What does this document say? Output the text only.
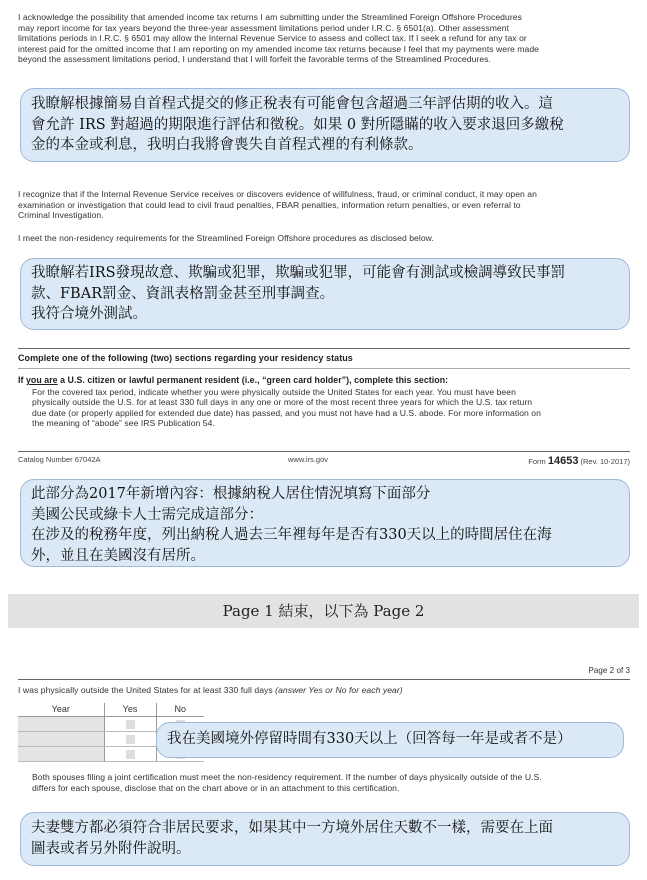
I acknowledge the possibility that amended income tax returns I am submitting under the Streamlined Foreign Offshore Procedures
may report income for tax years beyond the three-year assessment limitations period under I.R.C. § 6501(a). Other assessment
limitations periods in I.R.C. § 6501 may allow the Internal Revenue Service to assess and collect tax. If I seek a refund for any tax or
interest paid for the omitted income that I am reporting on my amended income tax returns because I feel that my payments were made
beyond the assessment limitations period, I understand that I will forfeit the favorable terms of the Streamlined Procedures.
我瞭解根據簡易自首程式提交的修正稅表有可能會包含超過三年評估期的收入。這
會允許 IRS 對超過的期限進行評估和徵稅。如果 0 對所隱瞞的收入要求退回多繳稅
金的本金或利息，我明白我將會喪失自首程式裡的有利條款。
I recognize that if the Internal Revenue Service receives or discovers evidence of willfulness, fraud, or criminal conduct, it may open an
examination or investigation that could lead to civil fraud penalties, FBAR penalties, information return penalties, or even referral to
Criminal Investigation.
I meet the non-residency requirements for the Streamlined Foreign Offshore procedures as disclosed below.
我瞭解若IRS發現故意、欺騙或犯罪，欺騙或犯罪，可能會有測試或檢調導致民事罰
款、FBAR罰金、資訊表格罰金甚至刑事調查。
我符合境外測試。
Complete one of the following (two) sections regarding your residency status
If you are a U.S. citizen or lawful permanent resident (i.e., “green card holder”), complete this section:
For the covered tax period, indicate whether you were physically outside the United States for each year. You must have been
physically outside the U.S. for at least 330 full days in any one or more of the most recent three years for which the U.S. tax return
due date (or properly applied for extended due date) has passed, and you must not have had a U.S. abode. For more information on
the meaning of “abode” see IRS Publication 54.
Catalog Number 67042A	www.irs.gov	Form 14653 (Rev. 10-2017)
此部分為2017年新增內容：根據納稅人居住情況填寫下面部分
美國公民或綠卡人士需完成這部分：
在涉及的稅務年度，列出納稅人過去三年裡每年是否有330天以上的時間居住在海
外，並且在美國沒有居所。
Page 1 結束，以下為 Page 2
Page 2 of 3
I was physically outside the United States for at least 330 full days (answer Yes or No for each year)
Year	Yes	No

我在美國境外停留時間有330天以上（回答每一年是或者不是）
Both spouses filing a joint certification must meet the non-residency requirement. If the number of days physically outside of the U.S.
differs for each spouse, disclose that on the chart above or in an attachment to this certification.
夫妻雙方都必須符合非居民要求，如果其中一方境外居住天數不一樣，需要在上面
圖表或者另外附件說明。
